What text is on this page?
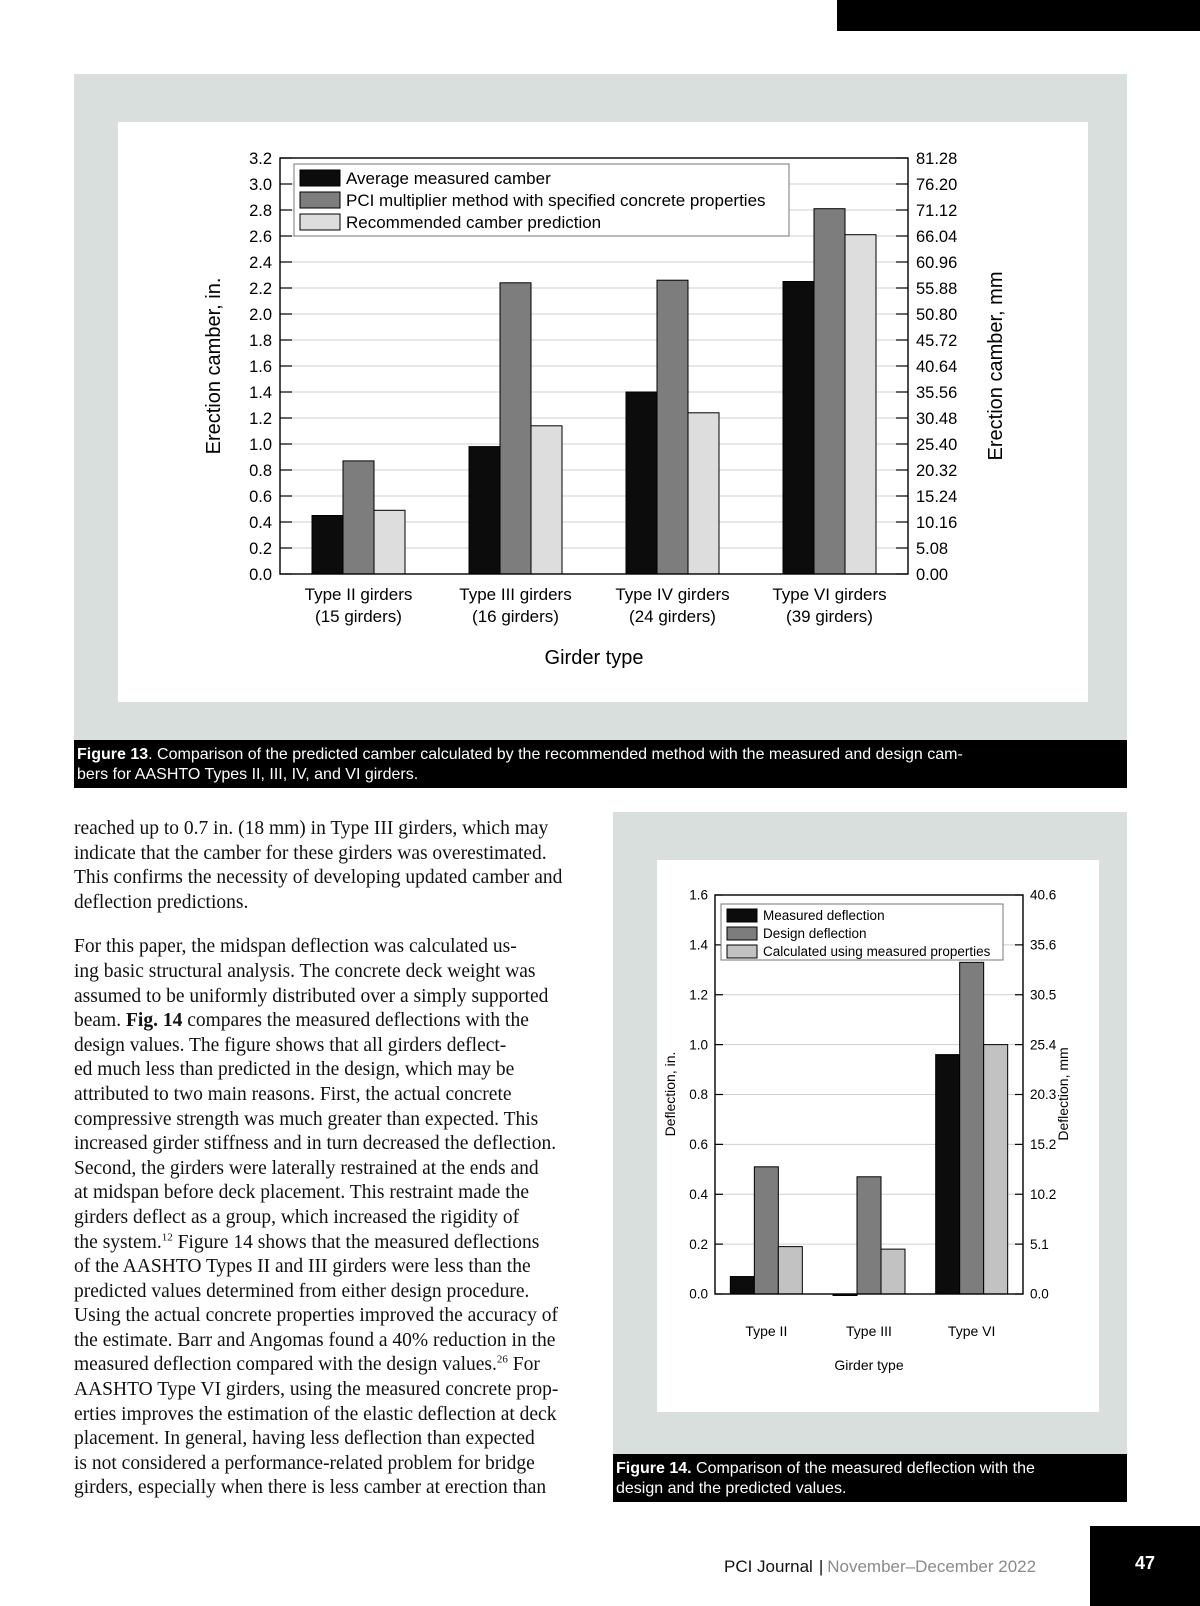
0.0	0.00
0.2	5.08
0.4	10.16
0.6	15.24
0.8	20.32
1.0	25.40
1.2	30.48
1.4	35.56
1.6	40.64
1.8	45.72
2.0	50.80
2.2	55.88
2.4	60.96
2.6	66.04
2.8	71.12
3.0	76.20
3.2	81.28
Type II girders
(15 girders)
Type III girders
(16 girders)
Type IV girders
(24 girders)
Type VI girders
(39 girders)
Girder type
Erection camber, in.	Erection camber, mm
Average measured camber
PCI multiplier method with specified concrete properties
Recommended camber prediction
Figure 13. Comparison of the predicted camber calculated by the recommended method with the measured and design cam-
bers for AASHTO Types II, III, IV, and VI girders.

reached up to 0.7 in. (18 mm) in Type III girders, which may
indicate that the camber for these girders was overestimated.
This confirms the necessity of developing updated camber and
deflection predictions.

For this paper, the midspan deflection was calculated us-
ing basic structural analysis. The concrete deck weight was
assumed to be uniformly distributed over a simply supported
beam. Fig. 14 compares the measured deflections with the
design values. The figure shows that all girders deflect-
ed much less than predicted in the design, which may be
attributed to two main reasons. First, the actual concrete
compressive strength was much greater than expected. This
increased girder stiffness and in turn decreased the deflection.
Second, the girders were laterally restrained at the ends and
at midspan before deck placement. This restraint made the
girders deflect as a group, which increased the rigidity of
the system.$^{12}$ Figure 14 shows that the measured deflections
of the AASHTO Types II and III girders were less than the
predicted values determined from either design procedure.
Using the actual concrete properties improved the accuracy of
the estimate. Barr and Angomas found a 40% reduction in the
measured deflection compared with the design values.$^{26}$ For
AASHTO Type VI girders, using the measured concrete prop-
erties improves the estimation of the elastic deflection at deck
placement. In general, having less deflection than expected
is not considered a performance-related problem for bridge
girders, especially when there is less camber at erection than

0.0	0.0
0.2	5.1
0.4	10.2
0.6	15.2
0.8	20.3
1.0	25.4
1.2	30.5
1.4	35.6
1.6	40.6
Type II	Type III	Type VI
Girder type
Deflection, in.	Deflection, mm
Measured deflection
Design deflection
Calculated using measured properties
Figure 14. Comparison of the measured deflection with the
design and the predicted values.
PCI Journal | November–December 2022	47
